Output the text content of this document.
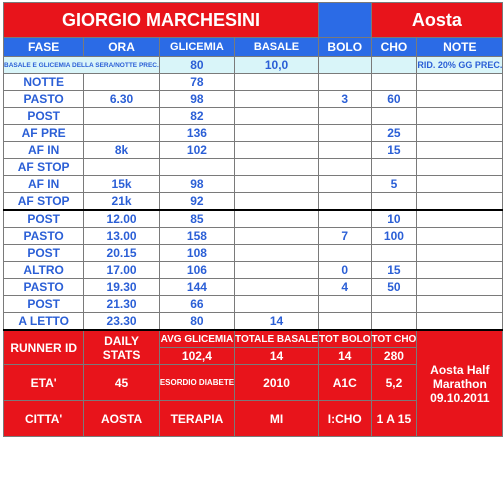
GIORGIO MARCHESINI					Aosta	
FASE	ORA	GLICEMIA	BASALE	BOLO	CHO	NOTE
BASALE E GLICEMIA DELLA SERA/NOTTE PREC.		80	10,0			RID. 20% GG PREC.
NOTTE		78				
PASTO	6.30	98		3	60	
POST		82				
AF PRE		136			25	
AF IN	8k	102			15	
AF STOP						
AF IN	15k	98			5	
AF STOP	21k	92				
POST	12.00	85			10	
PASTO	13.00	158		7	100	
POST	20.15	108				
ALTRO	17.00	106		0	15	
PASTO	19.30	144		4	50	
POST	21.30	66				
A LETTO	23.30	80	14			
RUNNER ID	DAILY STATS	AVG GLICEMIA	TOTALE BASALE	TOT BOLO	TOT CHO	Aosta Half Marathon 09.10.2011
		102,4	14	14	280	
ETA'	45	ESORDIO DIABETE	2010	A1C	5,2	
CITTA'	AOSTA	TERAPIA	MI	I:CHO	1 A 15	
